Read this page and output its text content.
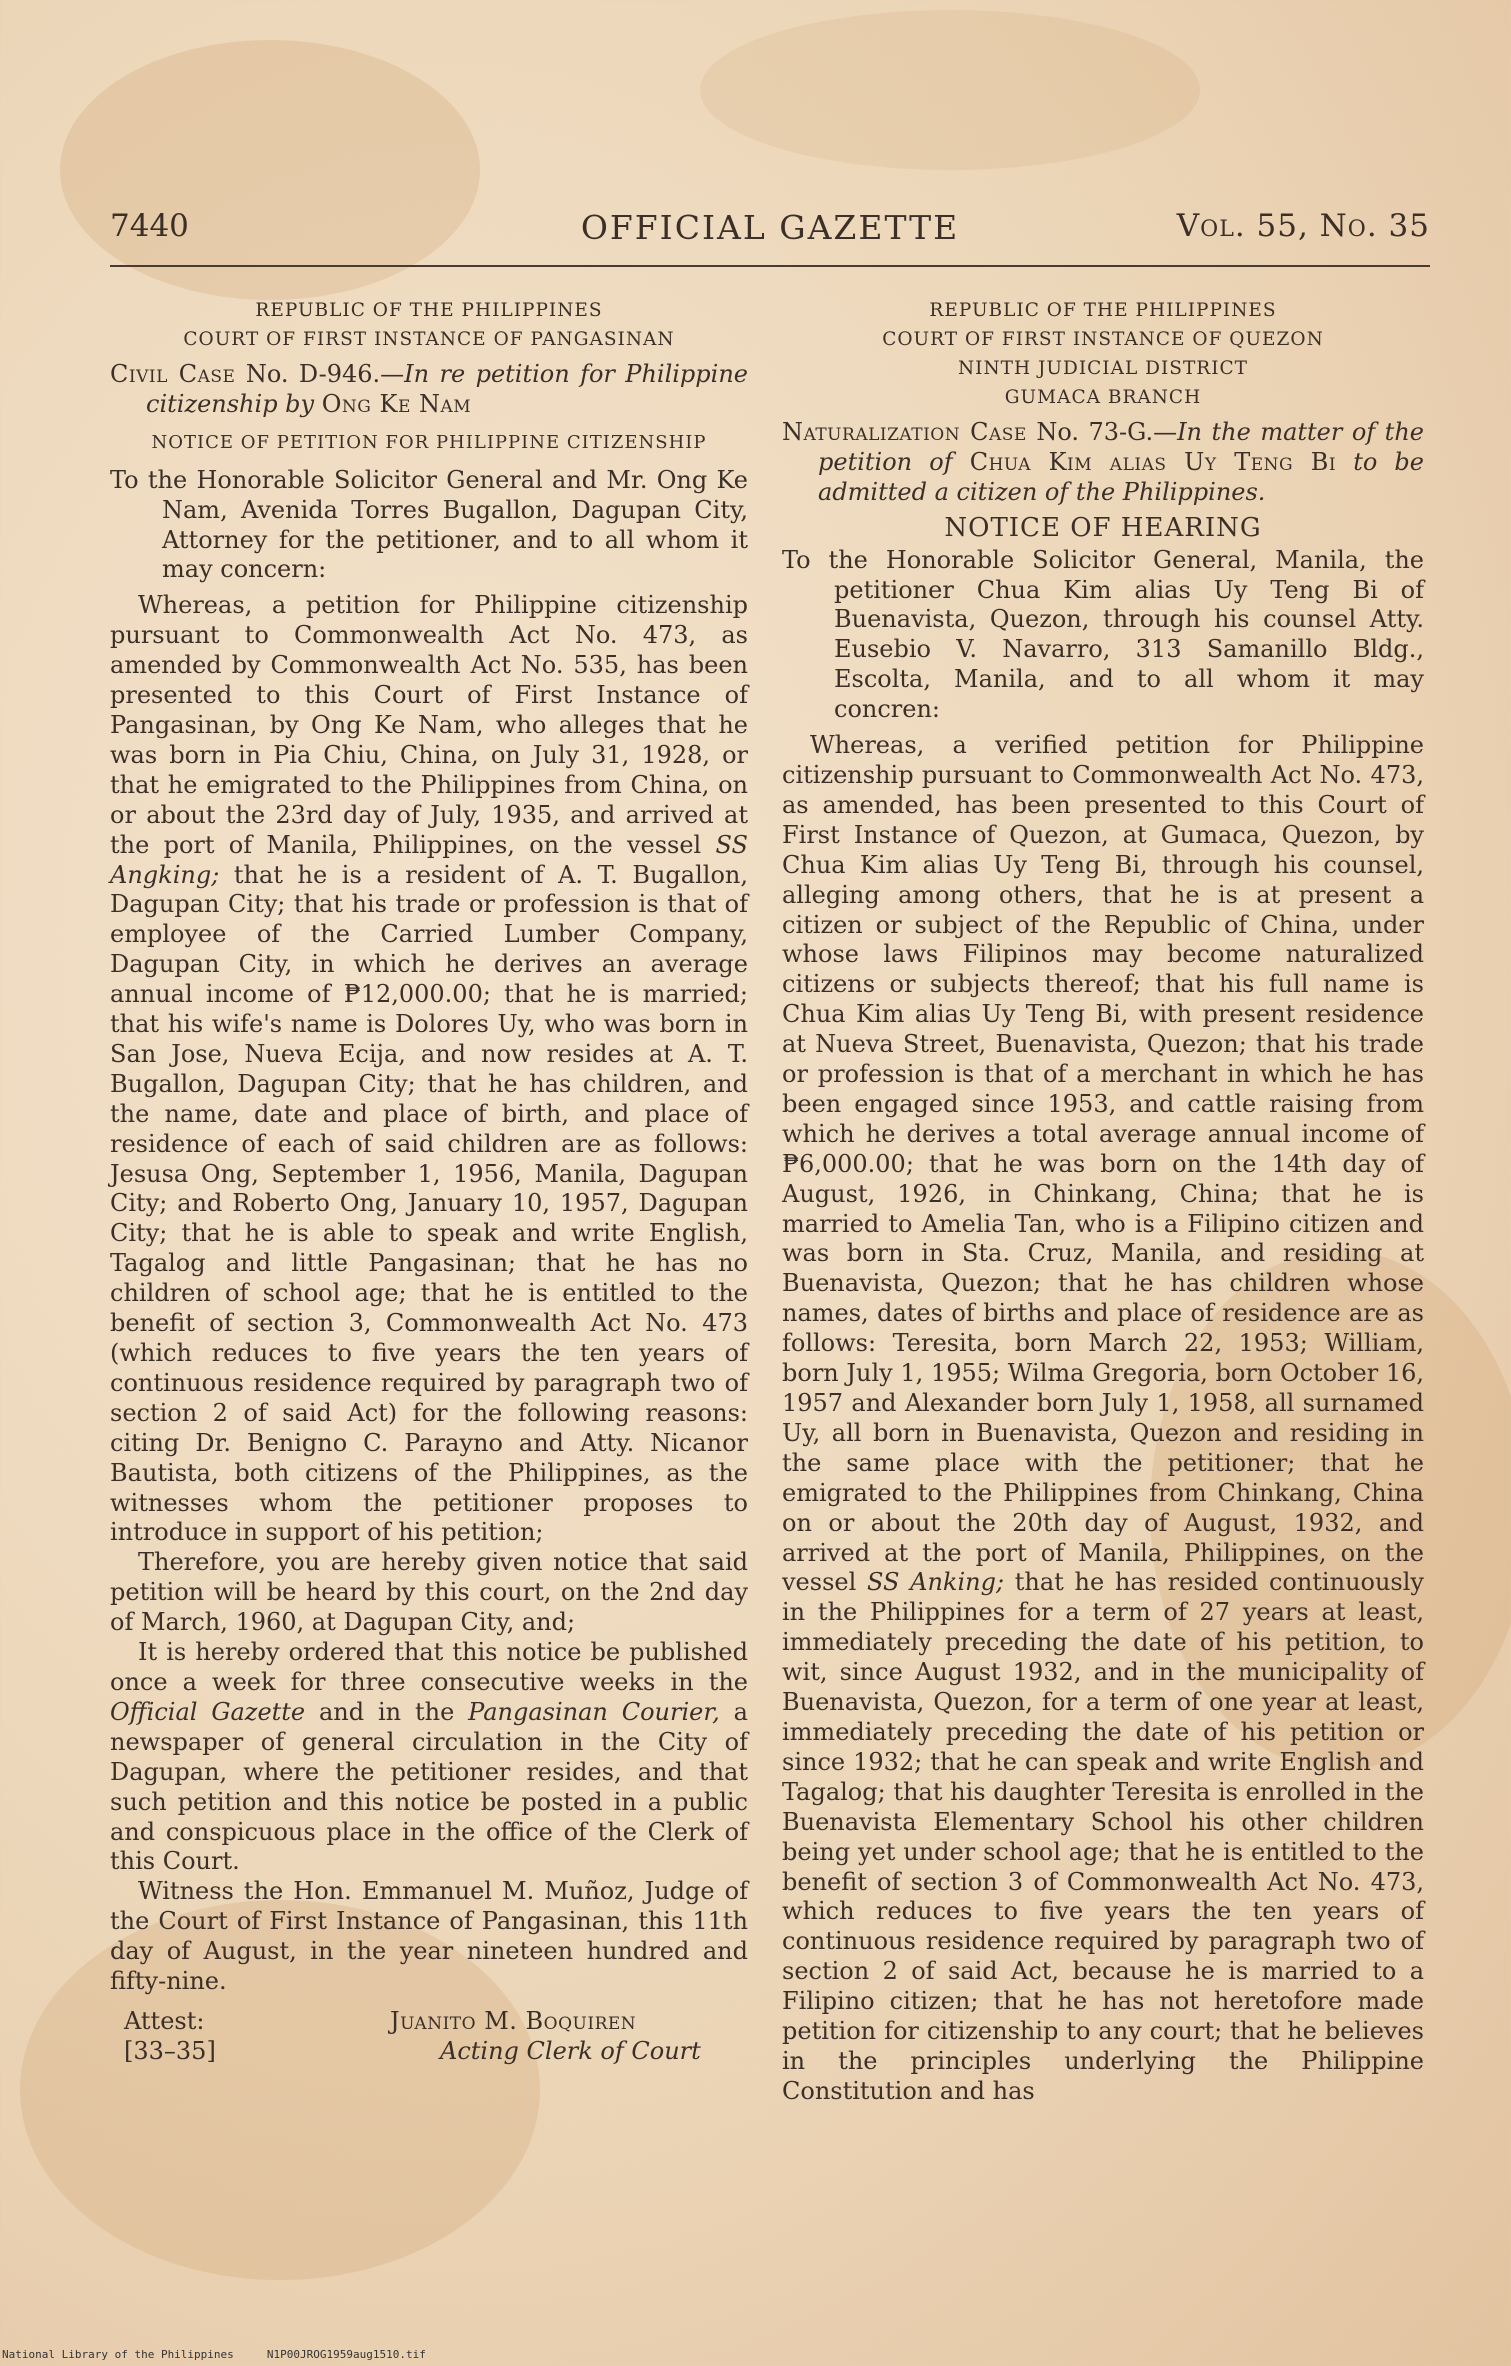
7440	OFFICIAL GAZETTE	Vol. 55, No. 35
REPUBLIC OF THE PHILIPPINES
COURT OF FIRST INSTANCE OF PANGASINAN
Civil Case No. D-946.—In re petition for Philippine citizenship by Ong Ke Nam
NOTICE OF PETITION FOR PHILIPPINE CITIZENSHIP
To the Honorable Solicitor General and Mr. Ong Ke Nam, Avenida Torres Bugallon, Dagupan City, Attorney for the petitioner, and to all whom it may concern:

Whereas, a petition for Philippine citizenship pursuant to Commonwealth Act No. 473, as amended by Commonwealth Act No. 535, has been presented to this Court of First Instance of Pangasinan, by Ong Ke Nam, who alleges that he was born in Pia Chiu, China, on July 31, 1928, or that he emigrated to the Philippines from China, on or about the 23rd day of July, 1935, and arrived at the port of Manila, Philippines, on the vessel SS Angking; that he is a resident of A. T. Bugallon, Dagupan City; that his trade or profession is that of employee of the Carried Lumber Company, Dagupan City, in which he derives an average annual income of ₱12,000.00; that he is married; that his wife's name is Dolores Uy, who was born in San Jose, Nueva Ecija, and now resides at A. T. Bugallon, Dagupan City; that he has children, and the name, date and place of birth, and place of residence of each of said children are as follows: Jesusa Ong, September 1, 1956, Manila, Dagupan City; and Roberto Ong, January 10, 1957, Dagupan City; that he is able to speak and write English, Tagalog and little Pangasinan; that he has no children of school age; that he is entitled to the benefit of section 3, Commonwealth Act No. 473 (which reduces to five years the ten years of continuous residence required by paragraph two of section 2 of said Act) for the following reasons: citing Dr. Benigno C. Parayno and Atty. Nicanor Bautista, both citizens of the Philippines, as the witnesses whom the petitioner proposes to introduce in support of his petition;

Therefore, you are hereby given notice that said petition will be heard by this court, on the 2nd day of March, 1960, at Dagupan City, and;

It is hereby ordered that this notice be published once a week for three consecutive weeks in the Official Gazette and in the Pangasinan Courier, a newspaper of general circulation in the City of Dagupan, where the petitioner resides, and that such petition and this notice be posted in a public and conspicuous place in the office of the Clerk of this Court.

Witness the Hon. Emmanuel M. Muñoz, Judge of the Court of First Instance of Pangasinan, this 11th day of August, in the year nineteen hundred and fifty-nine.

Attest:
[33–35]
Juanito M. Boquiren
Acting Clerk of Court
REPUBLIC OF THE PHILIPPINES
COURT OF FIRST INSTANCE OF QUEZON
NINTH JUDICIAL DISTRICT
GUMACA BRANCH
Naturalization Case No. 73-G.—In the matter of the petition of Chua Kim alias Uy Teng Bi to be admitted a citizen of the Philippines.
NOTICE OF HEARING
To the Honorable Solicitor General, Manila, the petitioner Chua Kim alias Uy Teng Bi of Buenavista, Quezon, through his counsel Atty. Eusebio V. Navarro, 313 Samanillo Bldg., Escolta, Manila, and to all whom it may concren:

Whereas, a verified petition for Philippine citizenship pursuant to Commonwealth Act No. 473, as amended, has been presented to this Court of First Instance of Quezon, at Gumaca, Quezon, by Chua Kim alias Uy Teng Bi, through his counsel, alleging among others, that he is at present a citizen or subject of the Republic of China, under whose laws Filipinos may become naturalized citizens or subjects thereof; that his full name is Chua Kim alias Uy Teng Bi, with present residence at Nueva Street, Buenavista, Quezon; that his trade or profession is that of a merchant in which he has been engaged since 1953, and cattle raising from which he derives a total average annual income of ₱6,000.00; that he was born on the 14th day of August, 1926, in Chinkang, China; that he is married to Amelia Tan, who is a Filipino citizen and was born in Sta. Cruz, Manila, and residing at Buenavista, Quezon; that he has children whose names, dates of births and place of residence are as follows: Teresita, born March 22, 1953; William, born July 1, 1955; Wilma Gregoria, born October 16, 1957 and Alexander born July 1, 1958, all surnamed Uy, all born in Buenavista, Quezon and residing in the same place with the petitioner; that he emigrated to the Philippines from Chinkang, China on or about the 20th day of August, 1932, and arrived at the port of Manila, Philippines, on the vessel SS Anking; that he has resided continuously in the Philippines for a term of 27 years at least, immediately preceding the date of his petition, to wit, since August 1932, and in the municipality of Buenavista, Quezon, for a term of one year at least, immediately preceding the date of his petition or since 1932; that he can speak and write English and Tagalog; that his daughter Teresita is enrolled in the Buenavista Elementary School his other children being yet under school age; that he is entitled to the benefit of section 3 of Commonwealth Act No. 473, which reduces to five years the ten years of continuous residence required by paragraph two of section 2 of said Act, because he is married to a Filipino citizen; that he has not heretofore made petition for citizenship to any court; that he believes in the principles underlying the Philippine Constitution and has

National Library of the Philippines     N1P00JROG1959aug1510.tif
